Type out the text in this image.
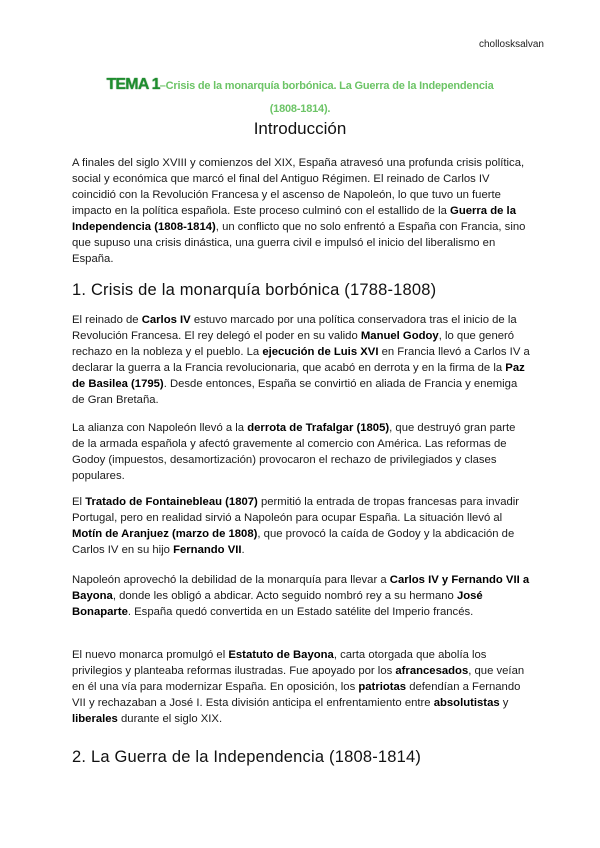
chollosksalvan
TEMA 1–Crisis de la monarquía borbónica. La Guerra de la Independencia
(1808-1814).
Introducción

A finales del siglo XVIII y comienzos del XIX, España atravesó una profunda crisis política, social y económica que marcó el final del Antiguo Régimen. El reinado de Carlos IV coincidió con la Revolución Francesa y el ascenso de Napoleón, lo que tuvo un fuerte impacto en la política española. Este proceso culminó con el estallido de la Guerra de la Independencia (1808-1814), un conflicto que no solo enfrentó a España con Francia, sino que supuso una crisis dinástica, una guerra civil e impulsó el inicio del liberalismo en España.

1. Crisis de la monarquía borbónica (1788-1808)

El reinado de Carlos IV estuvo marcado por una política conservadora tras el inicio de la Revolución Francesa. El rey delegó el poder en su valido Manuel Godoy, lo que generó rechazo en la nobleza y el pueblo. La ejecución de Luis XVI en Francia llevó a Carlos IV a declarar la guerra a la Francia revolucionaria, que acabó en derrota y en la firma de la Paz de Basilea (1795). Desde entonces, España se convirtió en aliada de Francia y enemiga de Gran Bretaña.

La alianza con Napoleón llevó a la derrota de Trafalgar (1805), que destruyó gran parte de la armada española y afectó gravemente al comercio con América. Las reformas de Godoy (impuestos, desamortización) provocaron el rechazo de privilegiados y clases populares.

El Tratado de Fontainebleau (1807) permitió la entrada de tropas francesas para invadir Portugal, pero en realidad sirvió a Napoleón para ocupar España. La situación llevó al Motín de Aranjuez (marzo de 1808), que provocó la caída de Godoy y la abdicación de Carlos IV en su hijo Fernando VII.

Napoleón aprovechó la debilidad de la monarquía para llevar a Carlos IV y Fernando VII a Bayona, donde les obligó a abdicar. Acto seguido nombró rey a su hermano José Bonaparte. España quedó convertida en un Estado satélite del Imperio francés.

El nuevo monarca promulgó el Estatuto de Bayona, carta otorgada que abolía los privilegios y planteaba reformas ilustradas. Fue apoyado por los afrancesados, que veían en él una vía para modernizar España. En oposición, los patriotas defendían a Fernando VII y rechazaban a José I. Esta división anticipa el enfrentamiento entre absolutistas y liberales durante el siglo XIX.

2. La Guerra de la Independencia (1808-1814)
